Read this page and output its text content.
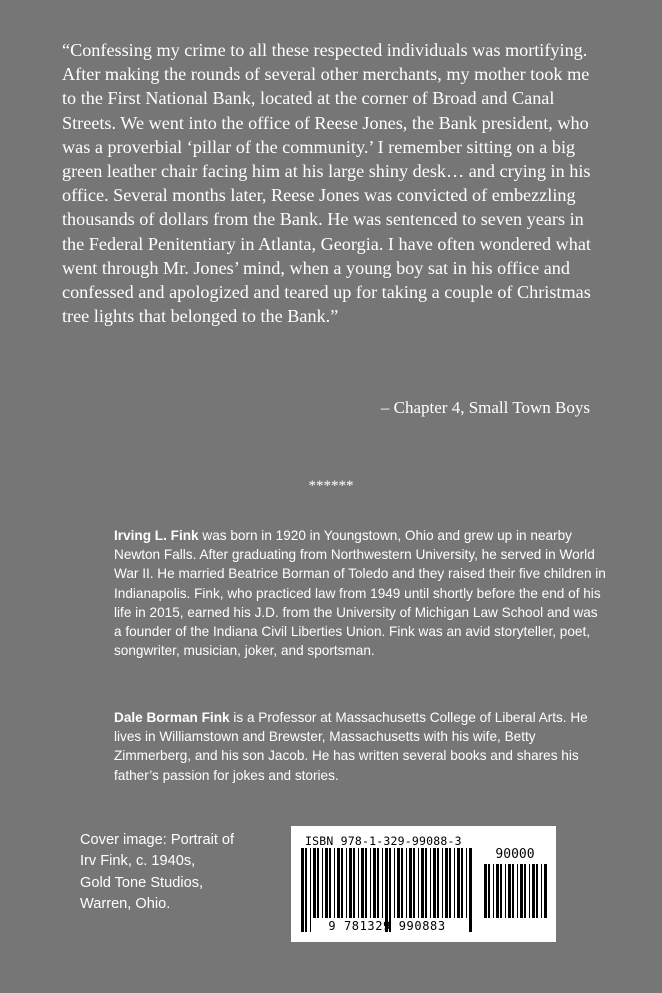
“Confessing my crime to all these respected individuals was mortifying. After making the rounds of several other merchants, my mother took me to the First National Bank, located at the corner of Broad and Canal Streets. We went into the office of Reese Jones, the Bank president, who was a proverbial ‘pillar of the community.’ I remember sitting on a big green leather chair facing him at his large shiny desk… and crying in his office. Several months later, Reese Jones was convicted of embezzling thousands of dollars from the Bank. He was sentenced to seven years in the Federal Penitentiary in Atlanta, Georgia. I have often wondered what went through Mr. Jones’ mind, when a young boy sat in his office and confessed and apologized and teared up for taking a couple of Christmas tree lights that belonged to the Bank.”

– Chapter 4, Small Town Boys
******

Irving L. Fink was born in 1920 in Youngstown, Ohio and grew up in nearby Newton Falls. After graduating from Northwestern University, he served in World War II. He married Beatrice Borman of Toledo and they raised their five children in Indianapolis. Fink, who practiced law from 1949 until shortly before the end of his life in 2015, earned his J.D. from the University of Michigan Law School and was a founder of the Indiana Civil Liberties Union. Fink was an avid storyteller, poet, songwriter, musician, joker, and sportsman.

Dale Borman Fink is a Professor at Massachusetts College of Liberal Arts. He lives in Williamstown and Brewster, Massachusetts with his wife, Betty Zimmerberg, and his son Jacob. He has written several books and shares his father’s passion for jokes and stories.

Cover image: Portrait of
Irv Fink, c. 1940s,
Gold Tone Studios,
Warren, Ohio.
ISBN 978-1-329-99088-3
9 781329 990883
90000
